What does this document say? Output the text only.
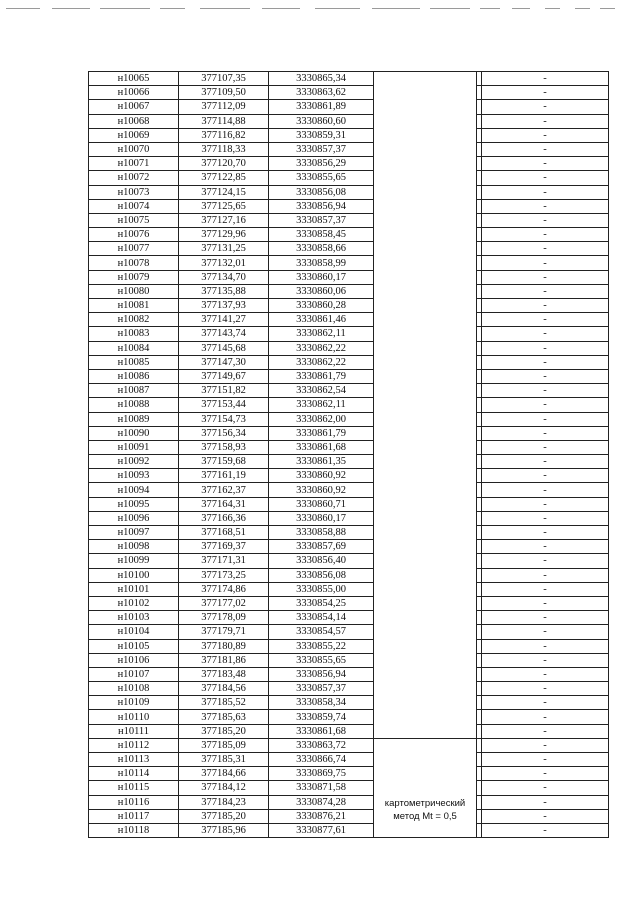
н10065	377107,35	3330865,34			-
н10066	377109,50	3330863,62			-
н10067	377112,09	3330861,89			-
н10068	377114,88	3330860,60			-
н10069	377116,82	3330859,31			-
н10070	377118,33	3330857,37			-
н10071	377120,70	3330856,29			-
н10072	377122,85	3330855,65			-
н10073	377124,15	3330856,08			-
н10074	377125,65	3330856,94			-
н10075	377127,16	3330857,37			-
н10076	377129,96	3330858,45			-
н10077	377131,25	3330858,66			-
н10078	377132,01	3330858,99			-
н10079	377134,70	3330860,17			-
н10080	377135,88	3330860,06			-
н10081	377137,93	3330860,28			-
н10082	377141,27	3330861,46			-
н10083	377143,74	3330862,11			-
н10084	377145,68	3330862,22			-
н10085	377147,30	3330862,22			-
н10086	377149,67	3330861,79			-
н10087	377151,82	3330862,54			-
н10088	377153,44	3330862,11			-
н10089	377154,73	3330862,00			-
н10090	377156,34	3330861,79			-
н10091	377158,93	3330861,68			-
н10092	377159,68	3330861,35			-
н10093	377161,19	3330860,92			-
н10094	377162,37	3330860,92			-
н10095	377164,31	3330860,71			-
н10096	377166,36	3330860,17			-
н10097	377168,51	3330858,88			-
н10098	377169,37	3330857,69			-
н10099	377171,31	3330856,40			-
н10100	377173,25	3330856,08			-
н10101	377174,86	3330855,00			-
н10102	377177,02	3330854,25			-
н10103	377178,09	3330854,14			-
н10104	377179,71	3330854,57			-
н10105	377180,89	3330855,22			-
н10106	377181,86	3330855,65			-
н10107	377183,48	3330856,94			-
н10108	377184,56	3330857,37			-
н10109	377185,52	3330858,34			-
н10110	377185,63	3330859,74			-
н10111	377185,20	3330861,68			-
н10112	377185,09	3330863,72	картометрический метод Mt = 0,5		-
н10113	377185,31	3330866,74			-
н10114	377184,66	3330869,75			-
н10115	377184,12	3330871,58			-
н10116	377184,23	3330874,28			-
н10117	377185,20	3330876,21			-
н10118	377185,96	3330877,61			-
